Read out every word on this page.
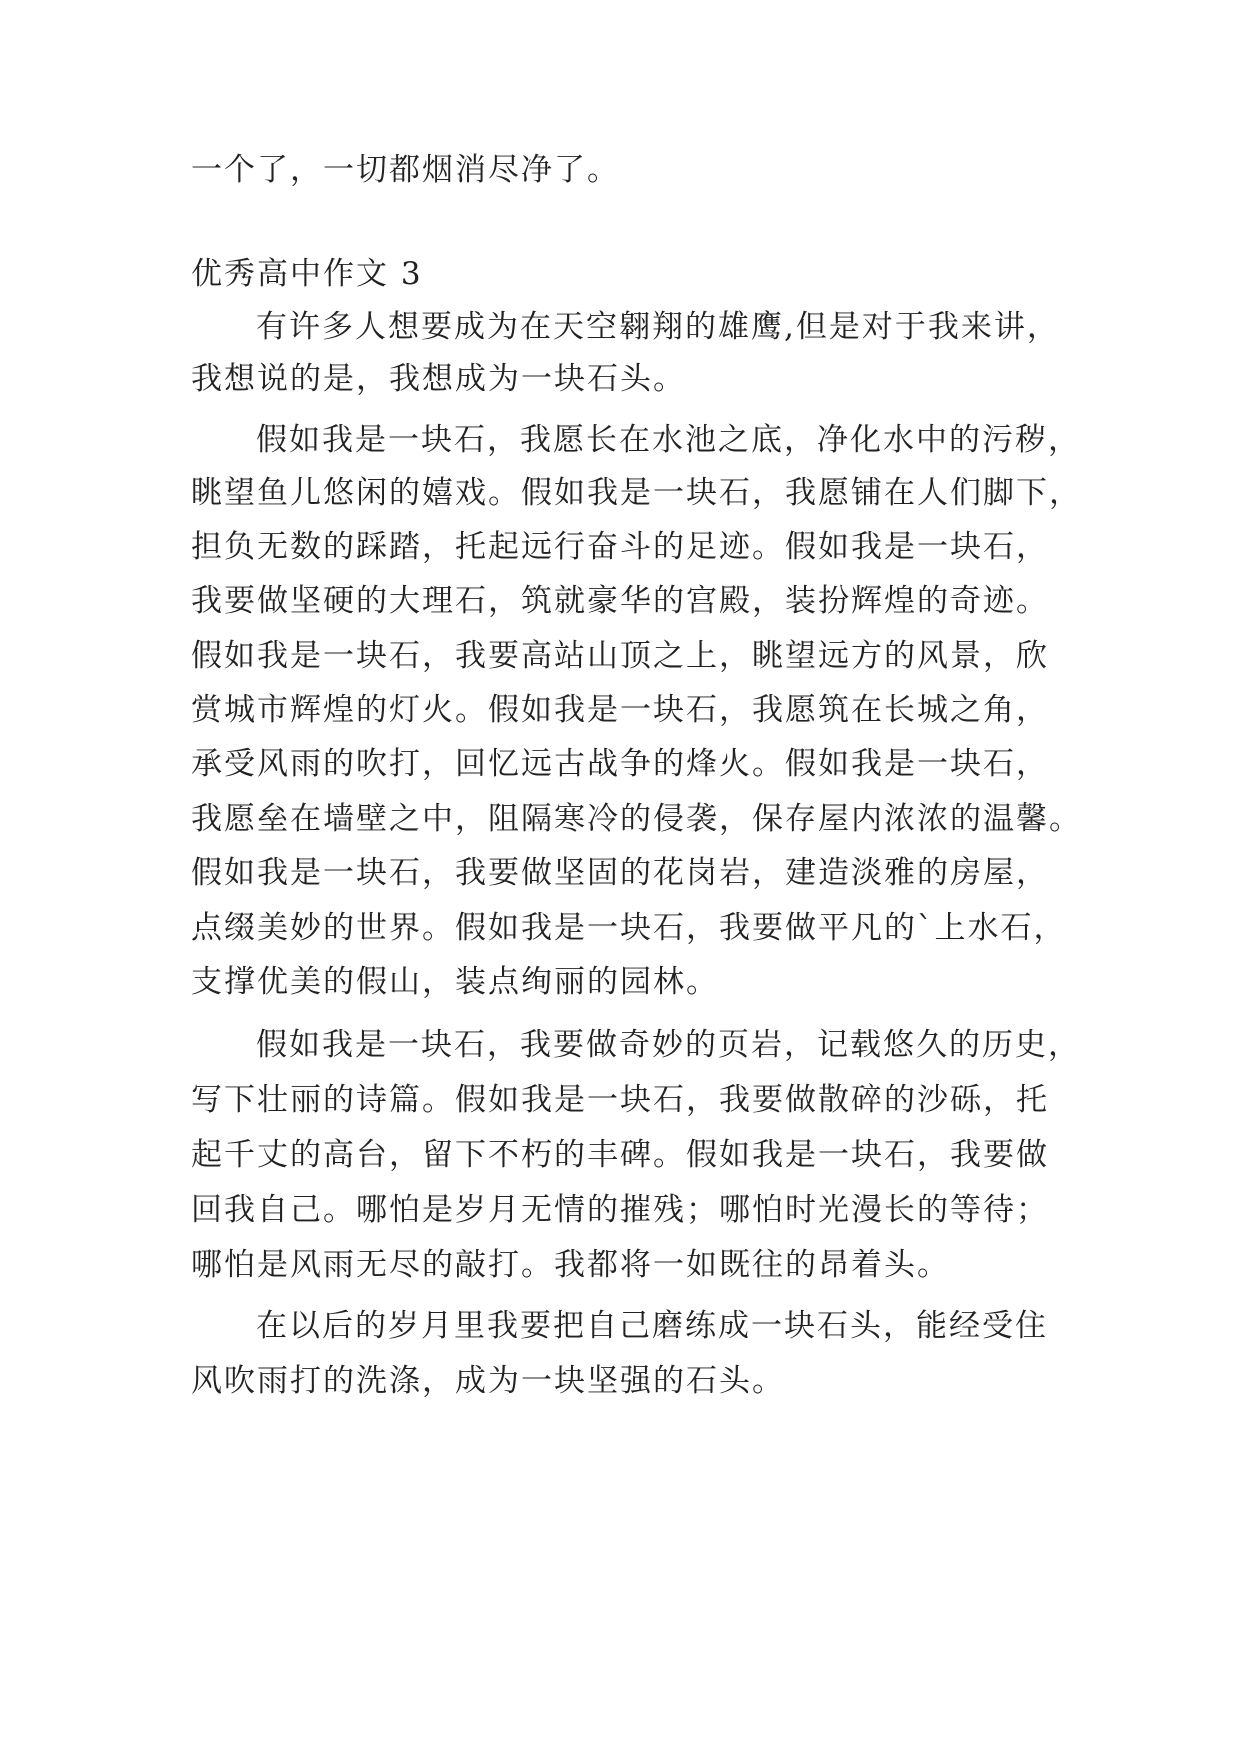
一个了，一切都烟消尽净了。

优秀高中作文 3

有许多人想要成为在天空翱翔的雄鹰,但是对于我来讲，

我想说的是，我想成为一块石头。

假如我是一块石，我愿长在水池之底，净化水中的污秽，

眺望鱼儿悠闲的嬉戏。假如我是一块石，我愿铺在人们脚下，

担负无数的踩踏，托起远行奋斗的足迹。假如我是一块石，

我要做坚硬的大理石，筑就豪华的宫殿，装扮辉煌的奇迹。

假如我是一块石，我要高站山顶之上，眺望远方的风景，欣

赏城市辉煌的灯火。假如我是一块石，我愿筑在长城之角，

承受风雨的吹打，回忆远古战争的烽火。假如我是一块石，

我愿垒在墙壁之中，阻隔寒冷的侵袭，保存屋内浓浓的温馨。

假如我是一块石，我要做坚固的花岗岩，建造淡雅的房屋，

点缀美妙的世界。假如我是一块石，我要做平凡的`上水石，

支撑优美的假山，装点绚丽的园林。

假如我是一块石，我要做奇妙的页岩，记载悠久的历史，

写下壮丽的诗篇。假如我是一块石，我要做散碎的沙砾，托

起千丈的高台，留下不朽的丰碑。假如我是一块石，我要做

回我自己。哪怕是岁月无情的摧残；哪怕时光漫长的等待；

哪怕是风雨无尽的敲打。我都将一如既往的昂着头。

在以后的岁月里我要把自己磨练成一块石头，能经受住

风吹雨打的洗涤，成为一块坚强的石头。
